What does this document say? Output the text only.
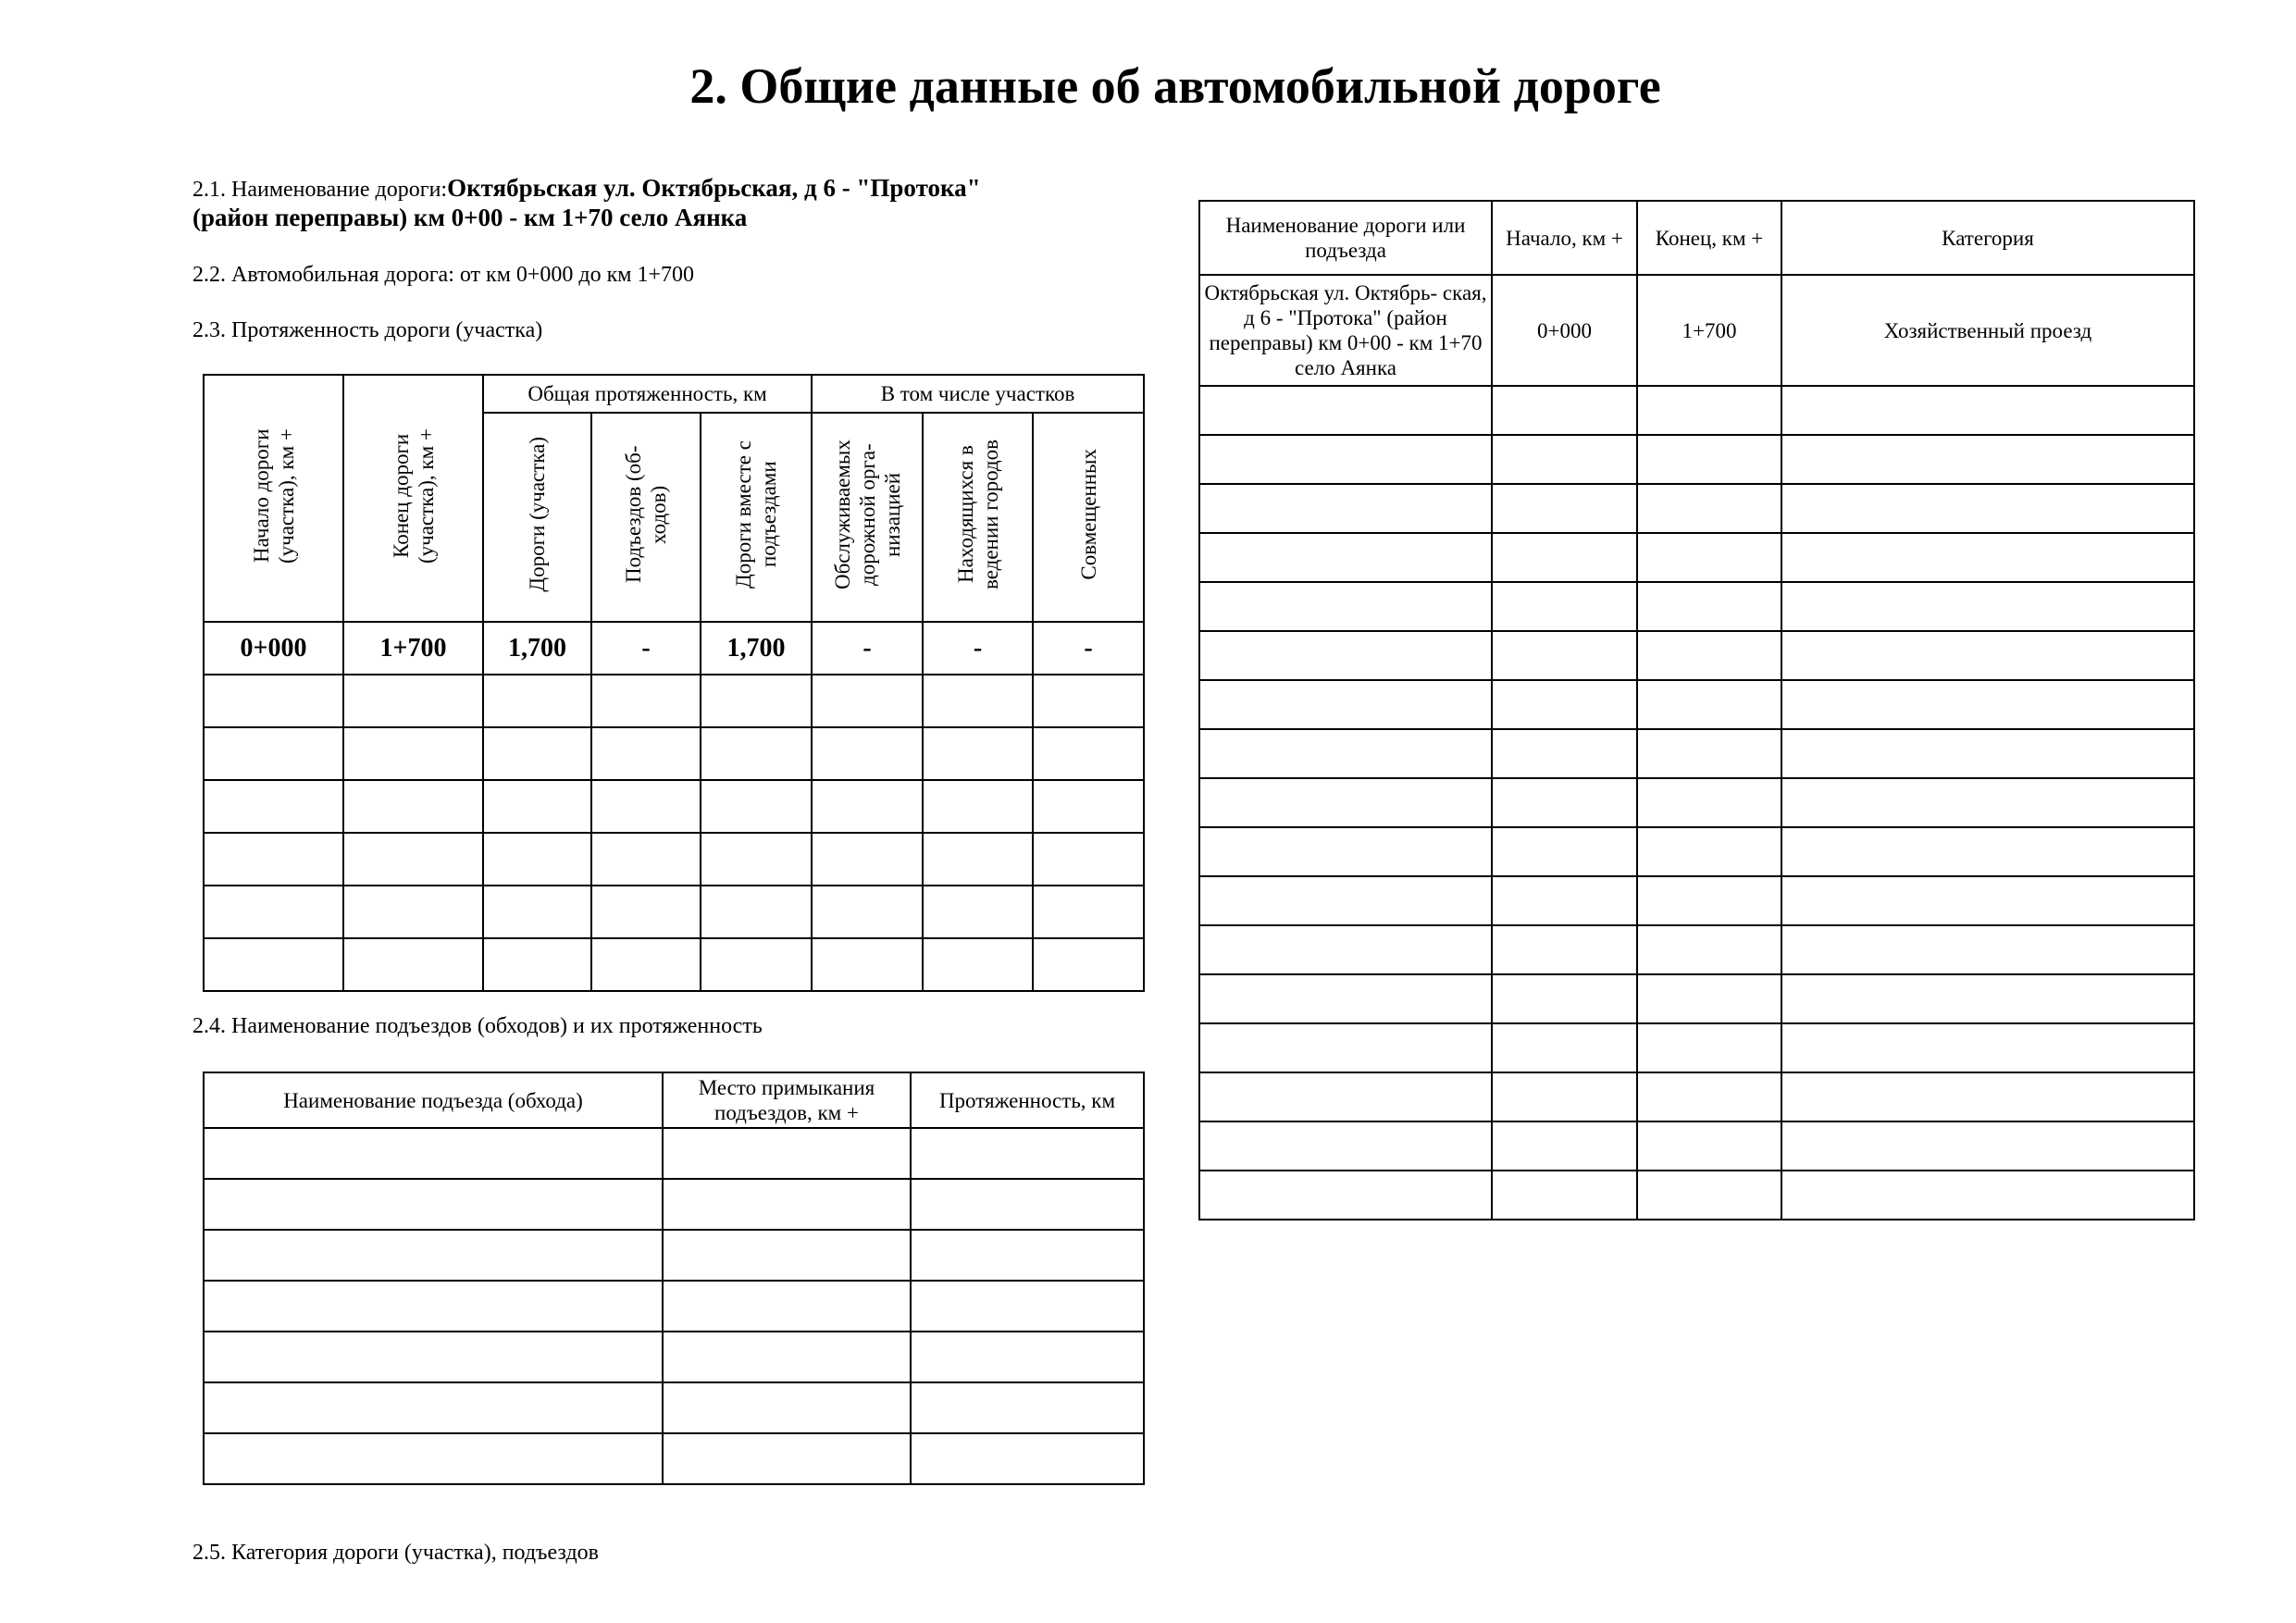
2. Общие данные об автомобильной дороге
2.1. Наименование дороги:Октябрьская ул. Октябрьская, д 6 - "Протока"
(район переправы) км 0+00 - км 1+70 село Аянка
2.2. Автомобильная дорога: от км 0+000 до км 1+700
2.3. Протяженность дороги (участка)
Начало дороги (участка), км +	Конец дороги (участка), км +	Общая протяженность, км			В том числе участков		
		Дороги (участка)	Подъездов (об- ходов)	Дороги вместе с подъездами	Обслуживаемых дорожной орга- низацией	Находящихся в ведении городов	Совмещенных
0+000	1+700	1,700	-	1,700	-	-	-

2.4. Наименование подъездов (обходов) и их протяженность
Наименование подъезда (обхода)	Место примыкания подъездов, км +	Протяженность, км

2.5. Категория дороги (участка), подъездов
Наименование дороги или подъезда	Начало, км +	Конец, км +	Категория
Октябрьская ул. Октябрь- ская, д 6 - "Протока" (район переправы) км 0+00 - км 1+70 село Аянка	0+000	1+700	Хозяйственный проезд
